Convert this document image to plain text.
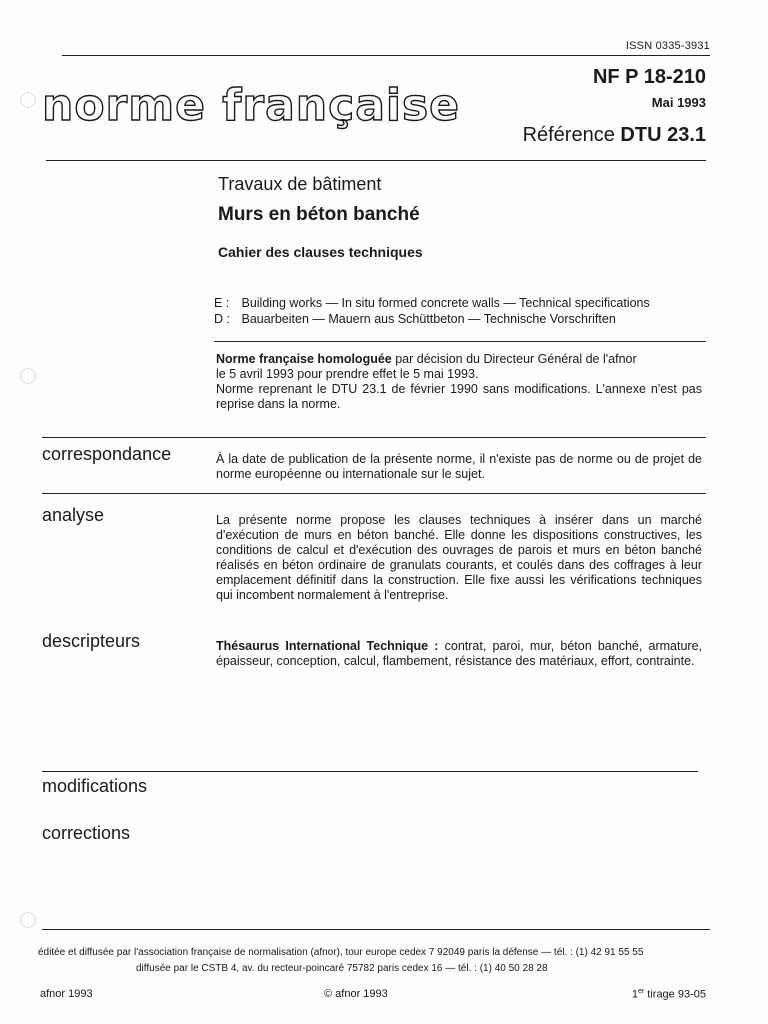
ISSN 0335-3931
norme française
NF P 18-210
Mai 1993
Référence DTU 23.1
Travaux de bâtiment
Murs en béton banché
Cahier des clauses techniques
E : Building works — In situ formed concrete walls — Technical specifications
D : Bauarbeiten — Mauern aus Schüttbeton — Technische Vorschriften
Norme française homologuée par décision du Directeur Général de l'afnor
le 5 avril 1993 pour prendre effet le 5 mai 1993.
Norme reprenant le DTU 23.1 de février 1990 sans modifications. L'annexe n'est pas reprise dans la norme.
correspondance	À la date de publication de la présente norme, il n'existe pas de norme ou de projet de norme européenne ou internationale sur le sujet.
analyse	La présente norme propose les clauses techniques à insérer dans un marché d'exécution de murs en béton banché. Elle donne les dispositions constructives, les conditions de calcul et d'exécution des ouvrages de parois et murs en béton banché réalisés en béton ordinaire de granulats courants, et coulés dans des coffrages à leur emplacement définitif dans la construction. Elle fixe aussi les vérifications techniques qui incombent normalement à l'entreprise.
descripteurs	Thésaurus International Technique : contrat, paroi, mur, béton banché, armature, épaisseur, conception, calcul, flambement, résistance des matériaux, effort, contrainte.
modifications
corrections
éditée et diffusée par l'association française de normalisation (afnor), tour europe cedex 7 92049 paris la défense — tél. : (1) 42 91 55 55
diffusée par le CSTB 4, av. du recteur-poincaré 75782 paris cedex 16 — tél. : (1) 40 50 28 28
afnor 1993	© afnor 1993	1er tirage 93-05
